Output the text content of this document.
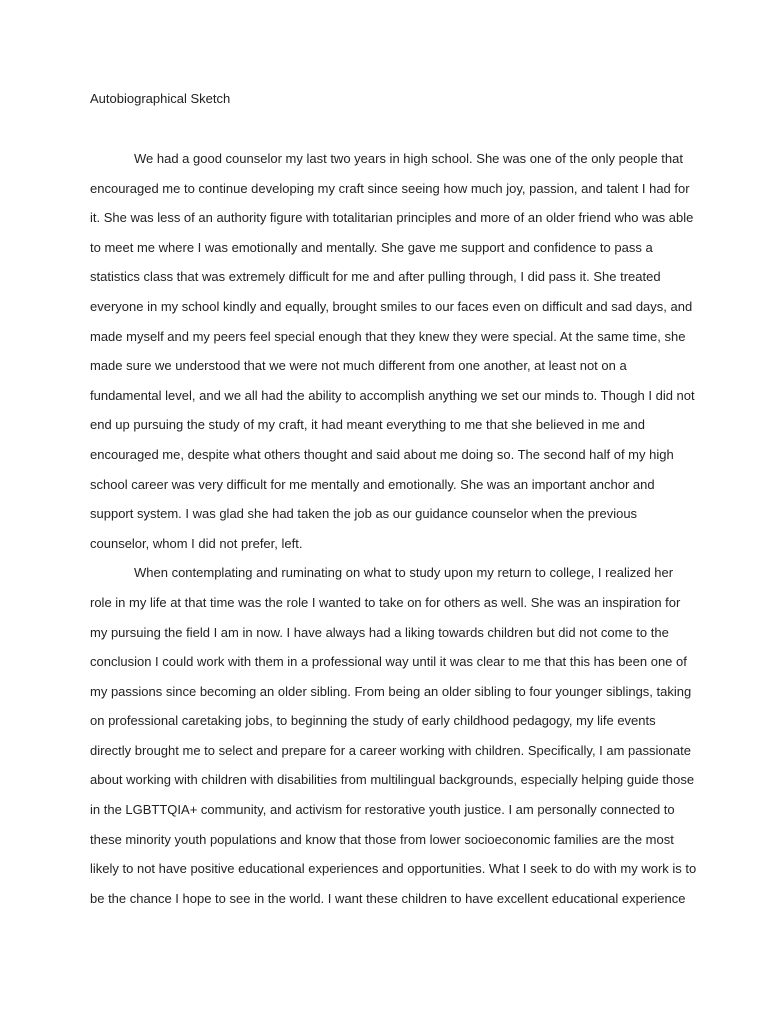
Autobiographical Sketch
We had a good counselor my last two years in high school. She was one of the only people that
encouraged me to continue developing my craft since seeing how much joy, passion, and talent I had for
it. She was less of an authority figure with totalitarian principles and more of an older friend who was able
to meet me where I was emotionally and mentally. She gave me support and confidence to pass a
statistics class that was extremely difficult for me and after pulling through, I did pass it. She treated
everyone in my school kindly and equally, brought smiles to our faces even on difficult and sad days, and
made myself and my peers feel special enough that they knew they were special. At the same time, she
made sure we understood that we were not much different from one another, at least not on a
fundamental level, and we all had the ability to accomplish anything we set our minds to. Though I did not
end up pursuing the study of my craft, it had meant everything to me that she believed in me and
encouraged me, despite what others thought and said about me doing so. The second half of my high
school career was very difficult for me mentally and emotionally. She was an important anchor and
support system. I was glad she had taken the job as our guidance counselor when the previous
counselor, whom I did not prefer, left.
When contemplating and ruminating on what to study upon my return to college, I realized her
role in my life at that time was the role I wanted to take on for others as well. She was an inspiration for
my pursuing the field I am in now. I have always had a liking towards children but did not come to the
conclusion I could work with them in a professional way until it was clear to me that this has been one of
my passions since becoming an older sibling. From being an older sibling to four younger siblings, taking
on professional caretaking jobs, to beginning the study of early childhood pedagogy, my life events
directly brought me to select and prepare for a career working with children. Specifically, I am passionate
about working with children with disabilities from multilingual backgrounds, especially helping guide those
in the LGBTTQIA+ community, and activism for restorative youth justice. I am personally connected to
these minority youth populations and know that those from lower socioeconomic families are the most
likely to not have positive educational experiences and opportunities. What I seek to do with my work is to
be the chance I hope to see in the world. I want these children to have excellent educational experience
